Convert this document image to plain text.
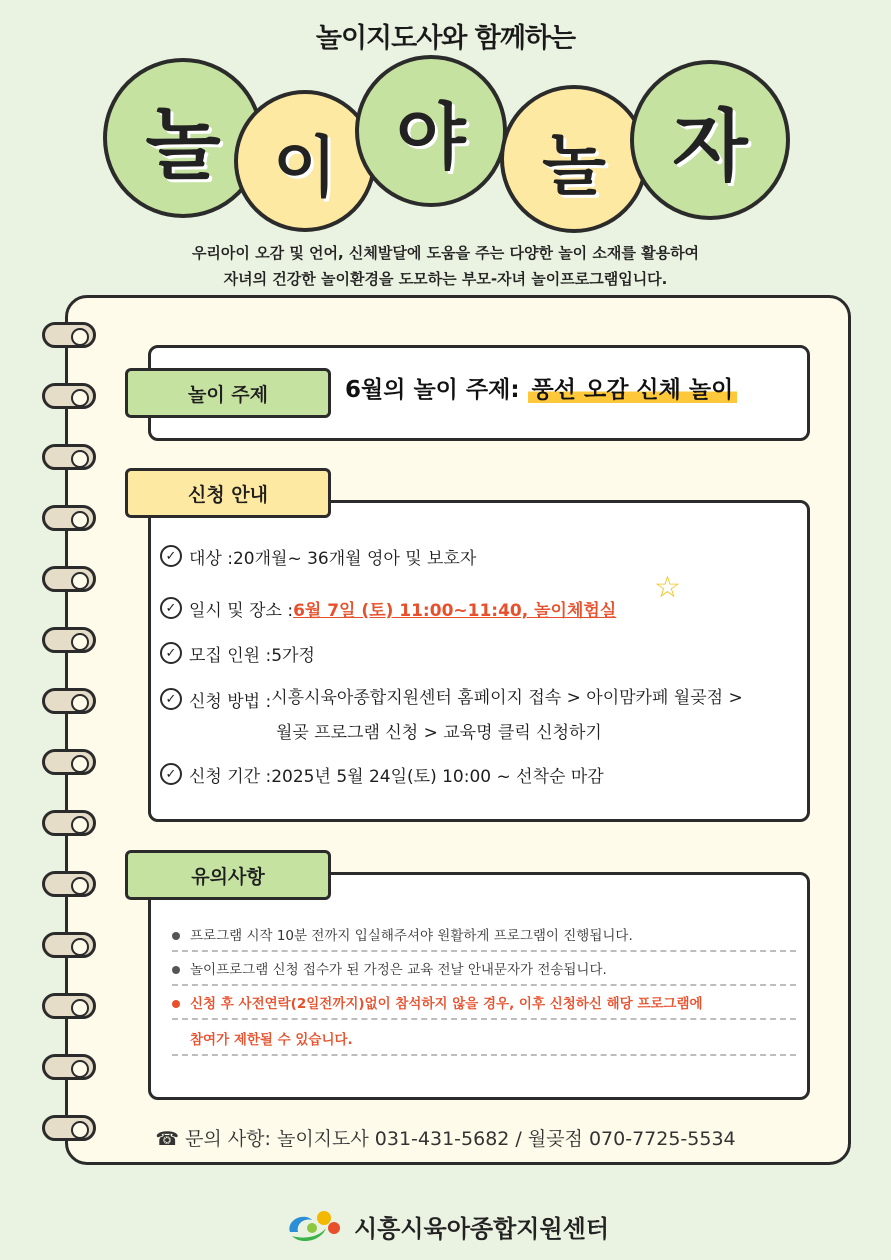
놀이지도사와 함께하는
놀 이 야 놀 자
우리아이 오감 및 언어, 신체발달에 도움을 주는 다양한 놀이 소재를 활용하여
자녀의 건강한 놀이환경을 도모하는 부모-자녀 놀이프로그램입니다.
놀이 주제	6월의 놀이 주제: 풍선 오감 신체 놀이
신청 안내
✓ 대상 : 20개월~ 36개월 영아 및 보호자
✓ 일시 및 장소 : 6월 7일 (토) 11:00~11:40, 놀이체험실
☆
✓ 모집 인원 : 5가정
✓ 신청 방법 : 시흥시육아종합지원센터 홈페이지 접속 > 아이맘카페 월곶점 >
월곶 프로그램 신청 > 교육명 클릭 신청하기
✓ 신청 기간 : 2025년 5월 24일(토) 10:00 ~ 선착순 마감
유의사항
프로그램 시작 10분 전까지 입실해주셔야 원활하게 프로그램이 진행됩니다.
놀이프로그램 신청 접수가 된 가정은 교육 전날 안내문자가 전송됩니다.
신청 후 사전연락(2일전까지)없이 참석하지 않을 경우, 이후 신청하신 해당 프로그램에
참여가 제한될 수 있습니다.
☎ 문의 사항: 놀이지도사 031-431-5682 / 월곶점 070-7725-5534
시흥시육아종합지원센터
